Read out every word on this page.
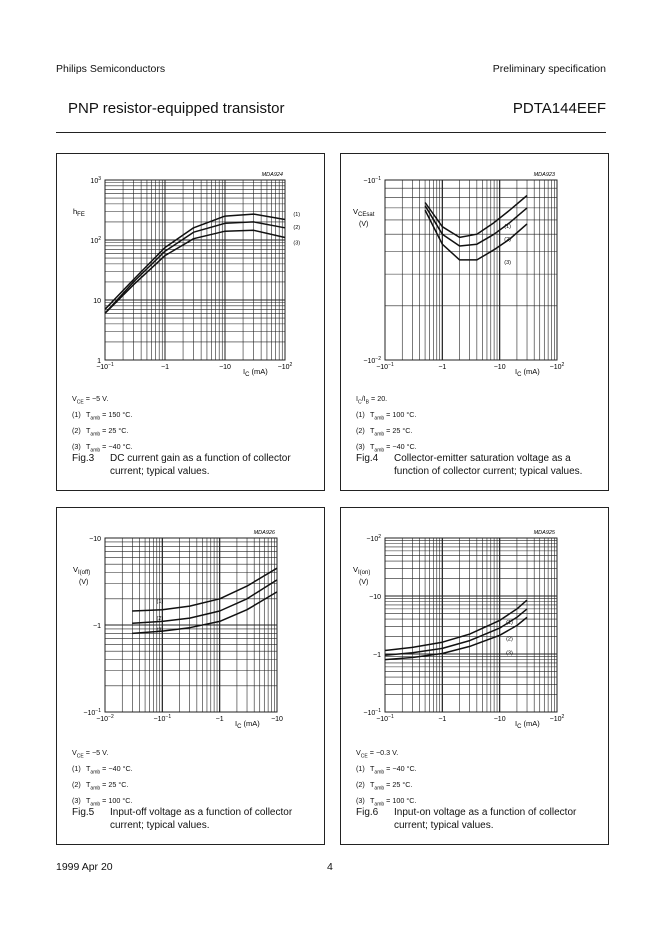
Philips Semiconductors	Preliminary specification
PNP resistor-equipped transistor	PDTA144EEF
(1)
(2)
(3)
MDA924
$10^3$
$10^2$
10
1
$-10^{-1}$	−1	−10	$-10^2$
$h_{FE}$
$I_C$ (mA)
$V_{CE} = -5$ V.
(1) $T_{amb} = 150$ °C.
(2) $T_{amb} = 25$ °C.
(3) $T_{amb} = -40$ °C.
Fig.3 DC current gain as a function of collector current; typical values.
(1)
(2)
(3)
MDA923
$-10^{-1}$
$-10^{-2}$
$-10^{-1}$	−1	−10	$-10^2$
$V_{CEsat}$
(V)
$I_C$ (mA)
$I_C/I_B = 20$.
(1) $T_{amb} = 100$ °C.
(2) $T_{amb} = 25$ °C.
(3) $T_{amb} = -40$ °C.
Fig.4 Collector-emitter saturation voltage as a function of collector current; typical values.
(1)
(2)
(3)
MDA926
−10
−1
$-10^{-1}$
$-10^{-2}$	$-10^{-1}$	−1	−10
$V_{I(off)}$
(V)
$I_C$ (mA)
$V_{CE} = -5$ V.
(1) $T_{amb} = -40$ °C.
(2) $T_{amb} = 25$ °C.
(3) $T_{amb} = 100$ °C.
Fig.5 Input-off voltage as a function of collector current; typical values.
(1)
(2)
(3)
MDA925
$-10^2$
−10
−1
$-10^{-1}$
$-10^{-1}$	−1	−10	$-10^2$
$V_{I(on)}$
(V)
$I_C$ (mA)
$V_{CE} = -0.3$ V.
(1) $T_{amb} = -40$ °C.
(2) $T_{amb} = 25$ °C.
(3) $T_{amb} = 100$ °C.
Fig.6 Input-on voltage as a function of collector current; typical values.
1999 Apr 20	4
